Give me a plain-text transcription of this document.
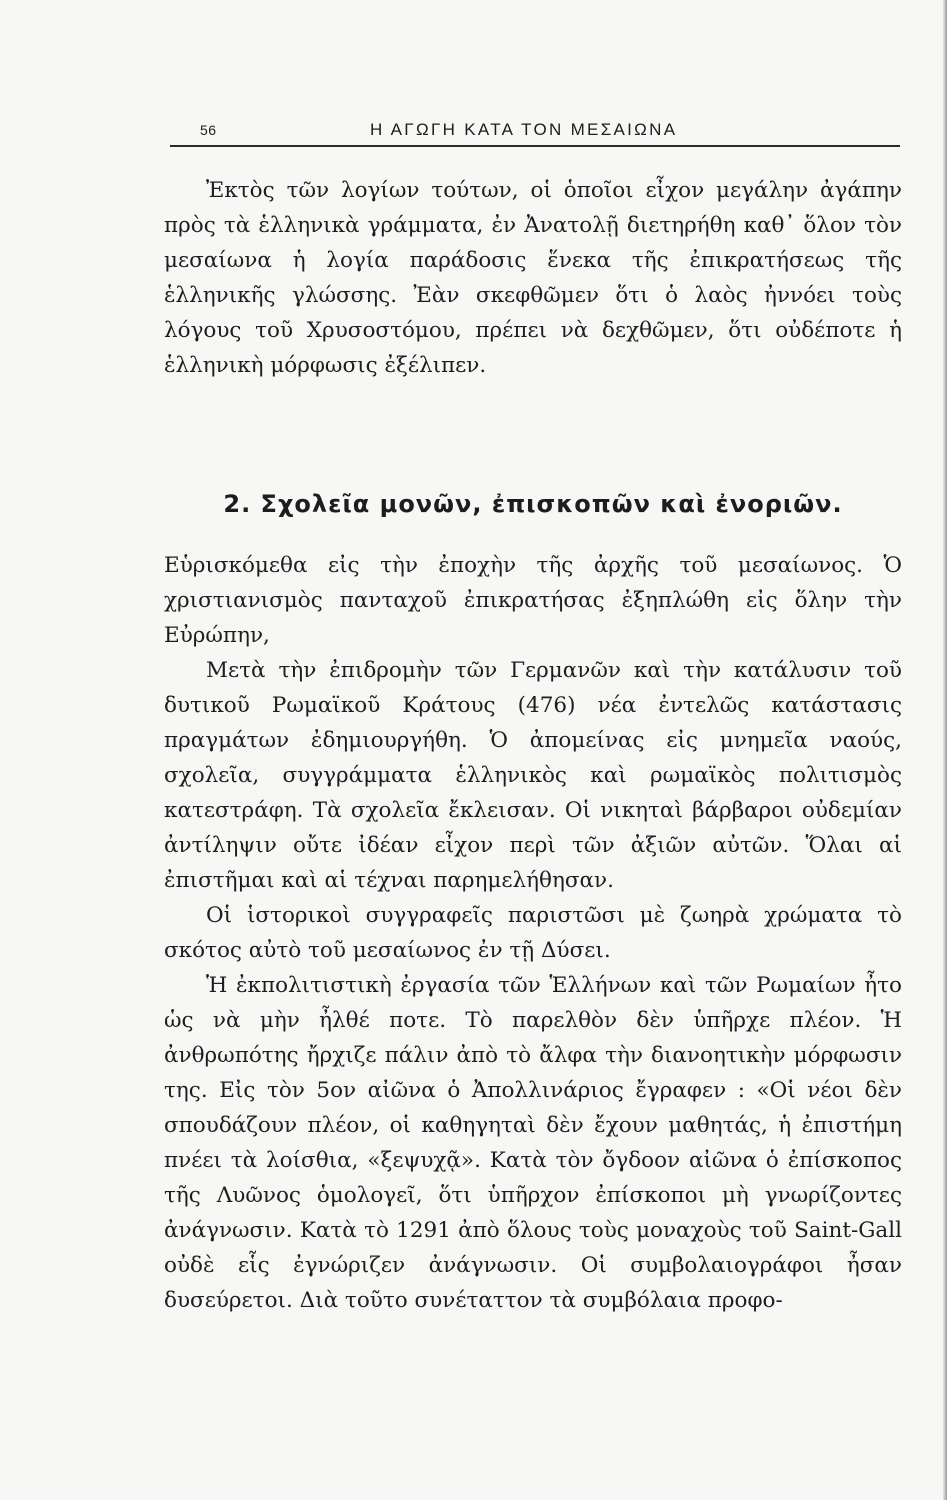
56	Η ΑΓΩΓΗ ΚΑΤΑ ΤΟΝ ΜΕΣΑΙΩΝΑ

Ἐκτὸς τῶν λογίων τούτων, οἱ ὁποῖοι εἶχον μεγάλην ἀγάπην πρὸς τὰ ἑλληνικὰ γράμματα, ἐν Ἀνατολῇ διετηρήθη καθ᾿ ὅλον τὸν μεσαίωνα ἡ λογία παράδοσις ἕνεκα τῆς ἐπικρατήσεως τῆς ἑλληνικῆς γλώσσης. Ἐὰν σκεφθῶμεν ὅτι ὁ λαὸς ἠννόει τοὺς λόγους τοῦ Χρυσοστόμου, πρέπει νὰ δεχθῶμεν, ὅτι οὐδέποτε ἡ ἑλληνικὴ μόρφωσις ἐξέλιπεν.

2. Σχολεῖα μονῶν, ἐπισκοπῶν καὶ ἐνοριῶν.

Εὑρισκόμεθα εἰς τὴν ἐποχὴν τῆς ἀρχῆς τοῦ μεσαίωνος. Ὁ χριστιανισμὸς πανταχοῦ ἐπικρατήσας ἐξηπλώθη εἰς ὅλην τὴν Εὐρώπην,

Μετὰ τὴν ἐπιδρομὴν τῶν Γερμανῶν καὶ τὴν κατάλυσιν τοῦ δυτικοῦ Ρωμαϊκοῦ Κράτους (476) νέα ἐντελῶς κατάστασις πραγμάτων ἐδημιουργήθη. Ὁ ἀπομείνας εἰς μνημεῖα ναούς, σχολεῖα, συγγράμματα ἑλληνικὸς καὶ ρωμαϊκὸς πολιτισμὸς κατεστράφη. Τὰ σχολεῖα ἔκλεισαν. Οἱ νικηταὶ βάρβαροι οὐδεμίαν ἀντίληψιν οὔτε ἰδέαν εἶχον περὶ τῶν ἀξιῶν αὐτῶν. Ὅλαι αἱ ἐπιστῆμαι καὶ αἱ τέχναι παρημελήθησαν.

Οἱ ἱστορικοὶ συγγραφεῖς παριστῶσι μὲ ζωηρὰ χρώματα τὸ σκότος αὐτὸ τοῦ μεσαίωνος ἐν τῇ Δύσει.

Ἡ ἐκπολιτιστικὴ ἐργασία τῶν Ἑλλήνων καὶ τῶν Ρωμαίων ἦτο ὡς νὰ μὴν ἦλθέ ποτε. Τὸ παρελθὸν δὲν ὑπῆρχε πλέον. Ἡ ἀνθρωπότης ἤρχιζε πάλιν ἀπὸ τὸ ἄλφα τὴν διανοητικὴν μόρφωσιν της. Εἰς τὸν 5ον αἰῶνα ὁ Ἀπολλινάριος ἔγραφεν : «Οἱ νέοι δὲν σπουδάζουν πλέον, οἱ καθηγηταὶ δὲν ἔχουν μαθητάς, ἡ ἐπιστήμη πνέει τὰ λοίσθια, «ξεψυχᾷ». Κατὰ τὸν ὄγδοον αἰῶνα ὁ ἐπίσκοπος τῆς Λυῶνος ὁμολογεῖ, ὅτι ὑπῆρχον ἐπίσκοποι μὴ γνωρίζοντες ἀνάγνωσιν. Κατὰ τὸ 1291 ἀπὸ ὅλους τοὺς μοναχοὺς τοῦ Saint-Gall οὐδὲ εἷς ἐγνώριζεν ἀνάγνωσιν. Οἱ συμβολαιογράφοι ἦσαν δυσεύρετοι. Διὰ τοῦτο συνέταττον τὰ συμβόλαια προφο-
